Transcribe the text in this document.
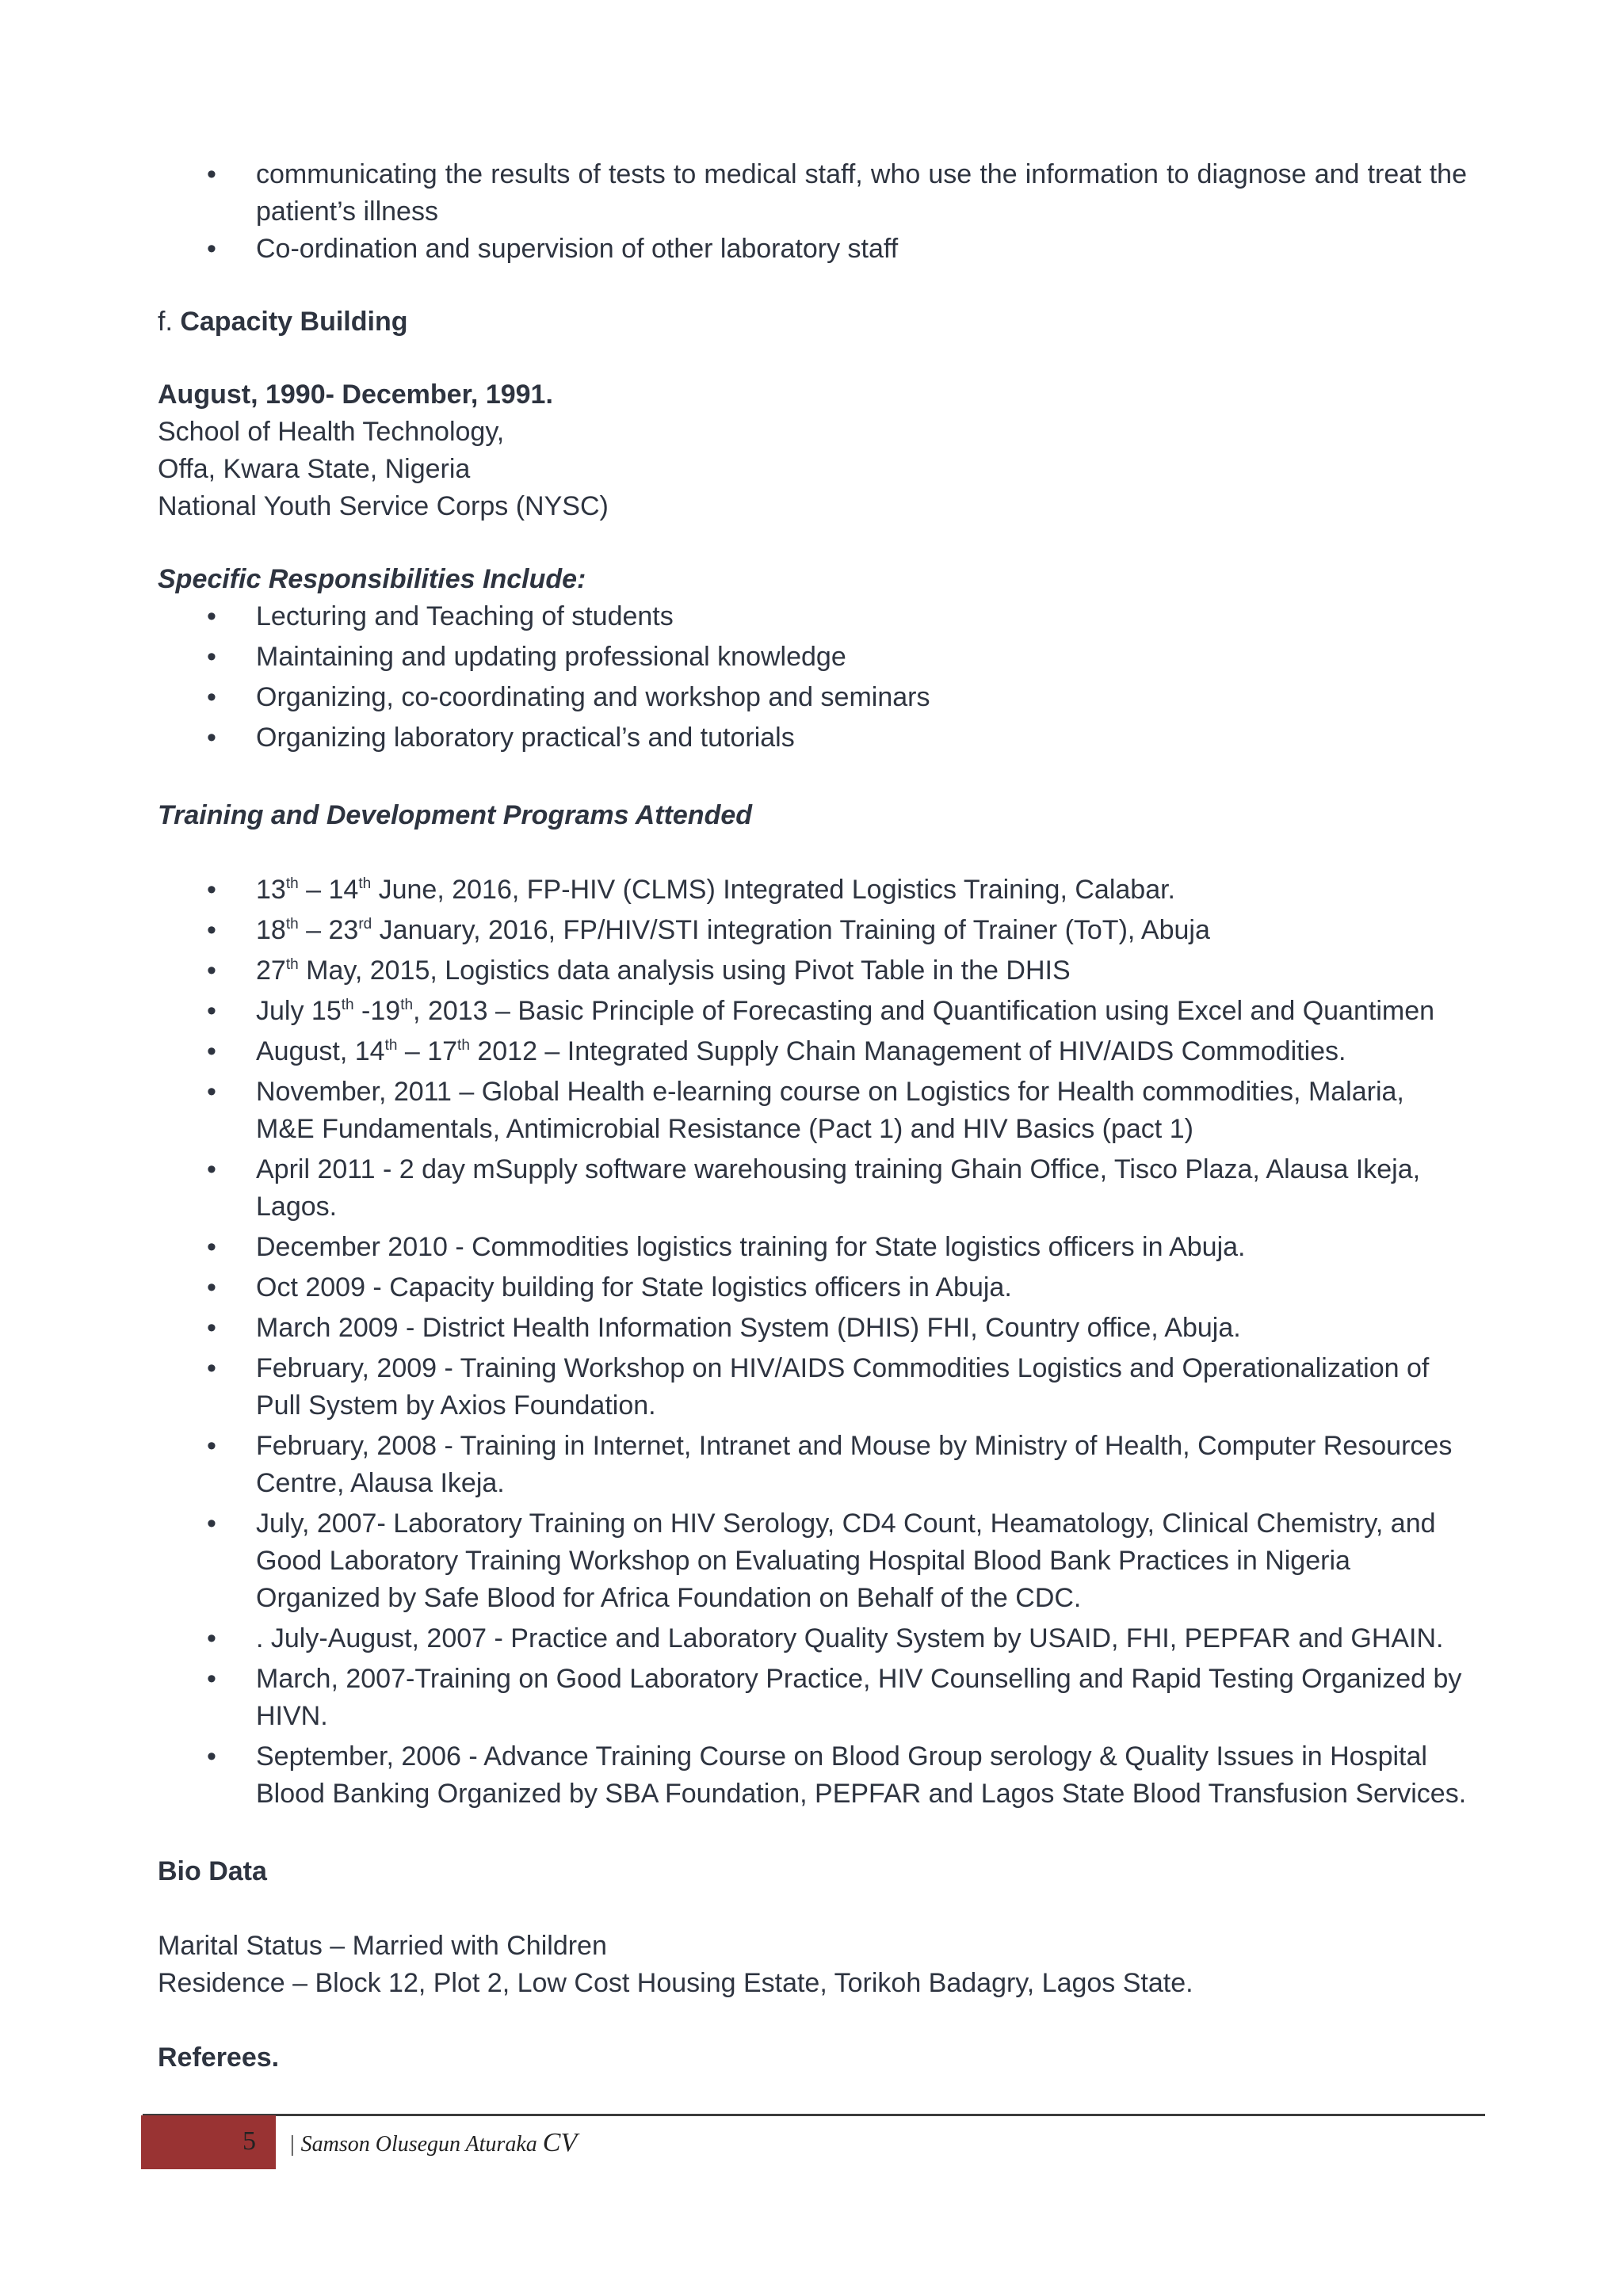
• communicating the results of tests to medical staff, who use the information to diagnose and treat the patient’s illness
• Co-ordination and supervision of other laboratory staff
f. Capacity Building
August, 1990- December, 1991.
School of Health Technology,
Offa, Kwara State, Nigeria
National Youth Service Corps (NYSC)
Specific Responsibilities Include:
• Lecturing and Teaching of students
• Maintaining and updating professional knowledge
• Organizing, co-coordinating and workshop and seminars
• Organizing laboratory practical’s and tutorials
Training and Development Programs Attended
• 13th – 14th June, 2016, FP-HIV (CLMS) Integrated Logistics Training, Calabar.
• 18th – 23rd January, 2016, FP/HIV/STI integration Training of Trainer (ToT), Abuja
• 27th May, 2015, Logistics data analysis using Pivot Table in the DHIS
• July 15th -19th, 2013 – Basic Principle of Forecasting and Quantification using Excel and Quantimen
• August, 14th – 17th 2012 – Integrated Supply Chain Management of HIV/AIDS Commodities.
• November, 2011 – Global Health e-learning course on Logistics for Health commodities, Malaria, M&E Fundamentals, Antimicrobial Resistance (Pact 1) and HIV Basics (pact 1)
• April 2011 - 2 day mSupply software warehousing training Ghain Office, Tisco Plaza, Alausa Ikeja, Lagos.
• December 2010 - Commodities logistics training for State logistics officers in Abuja.
• Oct 2009 - Capacity building for State logistics officers in Abuja.
• March 2009 - District Health Information System (DHIS) FHI, Country office, Abuja.
• February, 2009 - Training Workshop on HIV/AIDS Commodities Logistics and Operationalization of Pull System by Axios Foundation.
• February, 2008 - Training in Internet, Intranet and Mouse by Ministry of Health, Computer Resources Centre, Alausa Ikeja.
• July, 2007- Laboratory Training on HIV Serology, CD4 Count, Heamatology, Clinical Chemistry, and Good Laboratory Training Workshop on Evaluating Hospital Blood Bank Practices in Nigeria Organized by Safe Blood for Africa Foundation on Behalf of the CDC.
• . July-August, 2007 - Practice and Laboratory Quality System by USAID, FHI, PEPFAR and GHAIN.
• March, 2007-Training on Good Laboratory Practice, HIV Counselling and Rapid Testing Organized by HIVN.
• September, 2006 - Advance Training Course on Blood Group serology & Quality Issues in Hospital Blood Banking Organized by SBA Foundation, PEPFAR and Lagos State Blood Transfusion Services.
Bio Data
Marital Status – Married with Children
Residence – Block 12, Plot 2, Low Cost Housing Estate, Torikoh Badagry, Lagos State.
Referees.
5 | Samson Olusegun Aturaka CV
